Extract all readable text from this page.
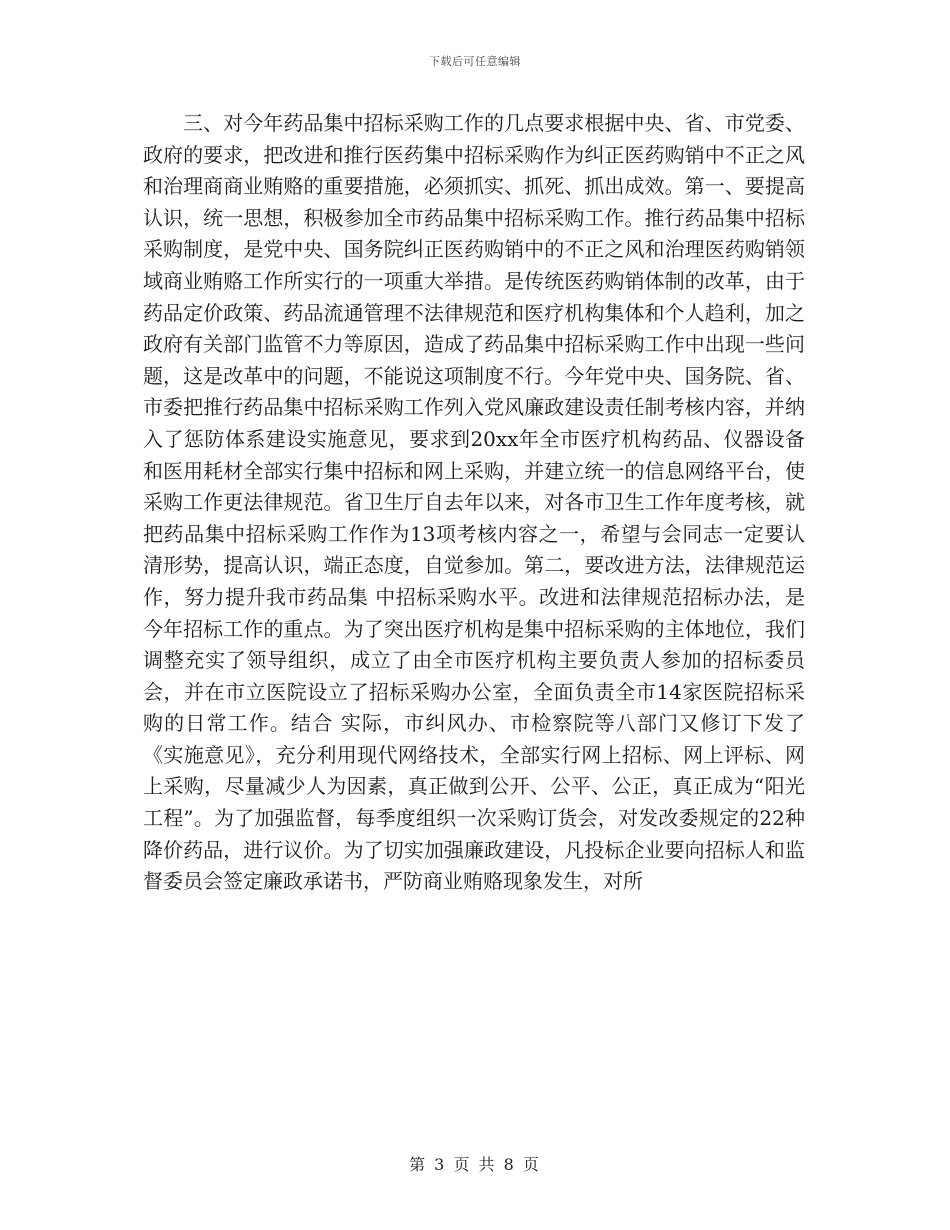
下载后可任意编辑

三、对今年药品集中招标采购工作的几点要求根据中央、省、市党委、政府的要求，把改进和推行医药集中招标采购作为纠正医药购销中不正之风和治理商商业贿赂的重要措施，必须抓实、抓死、抓出成效。第一、要提高认识，统一思想，积极参加全市药品集中招标采购工作。推行药品集中招标采购制度，是党中央、国务院纠正医药购销中的不正之风和治理医药购销领域商业贿赂工作所实行的一项重大举措。是传统医药购销体制的改革，由于药品定价政策、药品流通管理不法律规范和医疗机构集体和个人趋利，加之政府有关部门监管不力等原因，造成了药品集中招标采购工作中出现一些问题，这是改革中的问题，不能说这项制度不行。今年党中央、国务院、省、市委把推行药品集中招标采购工作列入党风廉政建设责任制考核内容，并纳入了惩防体系建设实施意见，要求到20xx年全市医疗机构药品、仪器设备和医用耗材全部实行集中招标和网上采购，并建立统一的信息网络平台，使采购工作更法律规范。省卫生厅自去年以来，对各市卫生工作年度考核，就把药品集中招标采购工作作为13项考核内容之一，希望与会同志一定要认清形势，提高认识，端正态度，自觉参加。第二，要改进方法，法律规范运作，努力提升我市药品集 中招标采购水平。改进和法律规范招标办法，是今年招标工作的重点。为了突出医疗机构是集中招标采购的主体地位，我们调整充实了领导组织，成立了由全市医疗机构主要负责人参加的招标委员会，并在市立医院设立了招标采购办公室，全面负责全市14家医院招标采购的日常工作。结合 实际，市纠风办、市检察院等八部门又修订下发了《实施意见》，充分利用现代网络技术，全部实行网上招标、网上评标、网上采购，尽量减少人为因素，真正做到公开、公平、公正，真正成为“阳光工程”。为了加强监督，每季度组织一次采购订货会，对发改委规定的22种降价药品，进行议价。为了切实加强廉政建设，凡投标企业要向招标人和监督委员会签定廉政承诺书，严防商业贿赂现象发生，对所

第 3 页 共 8 页
